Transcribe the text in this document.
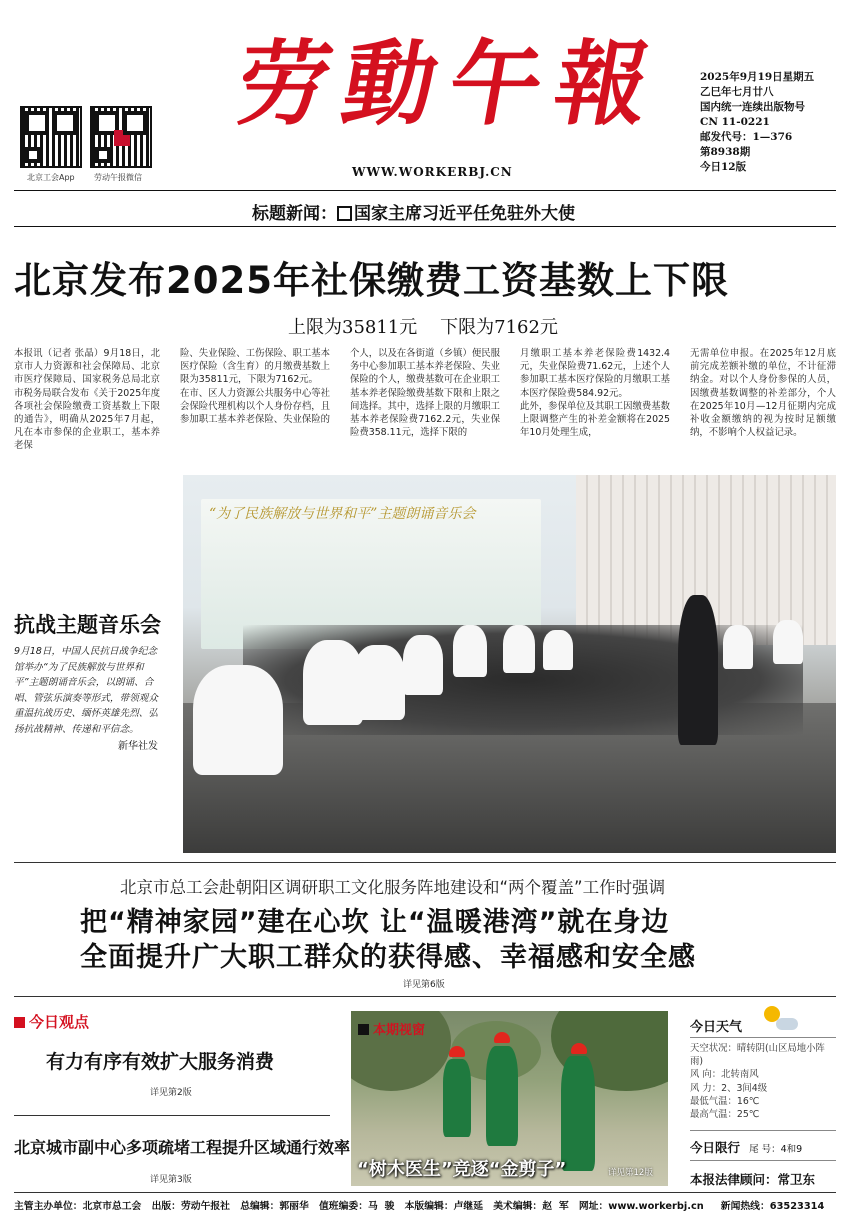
北京工会App 劳动午报微信
劳動午報
WWW.WORKERBJ.CN
2025年9月19日星期五
乙巳年七月廿八
国内统一连续出版物号
CN 11-0221
邮发代号：1—376
第8938期
今日12版
标题新闻： 国家主席习近平任免驻外大使
北京发布2025年社保缴费工资基数上下限
上限为35811元    下限为7162元
本报讯（记者 张晶）9月18日，北京市人力资源和社会保障局、北京市医疗保障局、国家税务总局北京市税务局联合发布《关于2025年度各项社会保险缴费工资基数上下限的通告》，明确从2025年7月起，凡在本市参保的企业职工，基本养老保
险、失业保险、工伤保险、职工基本医疗保险（含生育）的月缴费基数上限为35811元，下限为7162元。
在市、区人力资源公共服务中心等社会保险代理机构以个人身份存档，且参加职工基本养老保险、失业保险的
个人，以及在各街道（乡镇）便民服务中心参加职工基本养老保险、失业保险的个人，缴费基数可在企业职工基本养老保险缴费基数下限和上限之间选择。其中，选择上限的月缴职工基本养老保险费7162.2元，失业保险费358.11元，选择下限的
月缴职工基本养老保险费1432.4元，失业保险费71.62元，上述个人参加职工基本医疗保险的月缴职工基本医疗保险费584.92元。
此外，参保单位及其职工因缴费基数上限调整产生的补差金额将在2025年10月处理生成，
无需单位申报。在2025年12月底前完成差额补缴的单位，不计征滞纳金。对以个人身份参保的人员，因缴费基数调整的补差部分，个人在2025年10月—12月征期内完成补收金额缴纳的视为按时足额缴纳，不影响个人权益记录。
“为了民族解放与世界和平”主题朗诵音乐会
抗战主题音乐会
9月18日，中国人民抗日战争纪念馆举办“为了民族解放与世界和平”主题朗诵音乐会，以朗诵、合唱、管弦乐演奏等形式，带领观众重温抗战历史、缅怀英雄先烈、弘扬抗战精神、传递和平信念。
新华社发
北京市总工会赴朝阳区调研职工文化服务阵地建设和“两个覆盖”工作时强调
把“精神家园”建在心坎 让“温暖港湾”就在身边
全面提升广大职工群众的获得感、幸福感和安全感
详见第6版
今日观点
有力有序有效扩大服务消费
详见第2版
北京城市副中心多项疏堵工程提升区域通行效率
详见第3版
本期视窗
“树木医生”竞逐“金剪子”	详见第12版
今日天气
天空状况：晴转阴(山区局地小阵
雨)
风 向：北转南风
风 力：2、3间4级
最低气温：16℃
最高气温：25℃
今日限行 尾 号：4和9
本报法律顾问：常卫东
主管主办单位：北京市总工会   出版：劳动午报社   总编辑：郭丽华   值班编委：马  骏   本版编辑：卢继延   美术编辑：赵  军   网址：www.workerbj.cn     新闻热线：63523314
